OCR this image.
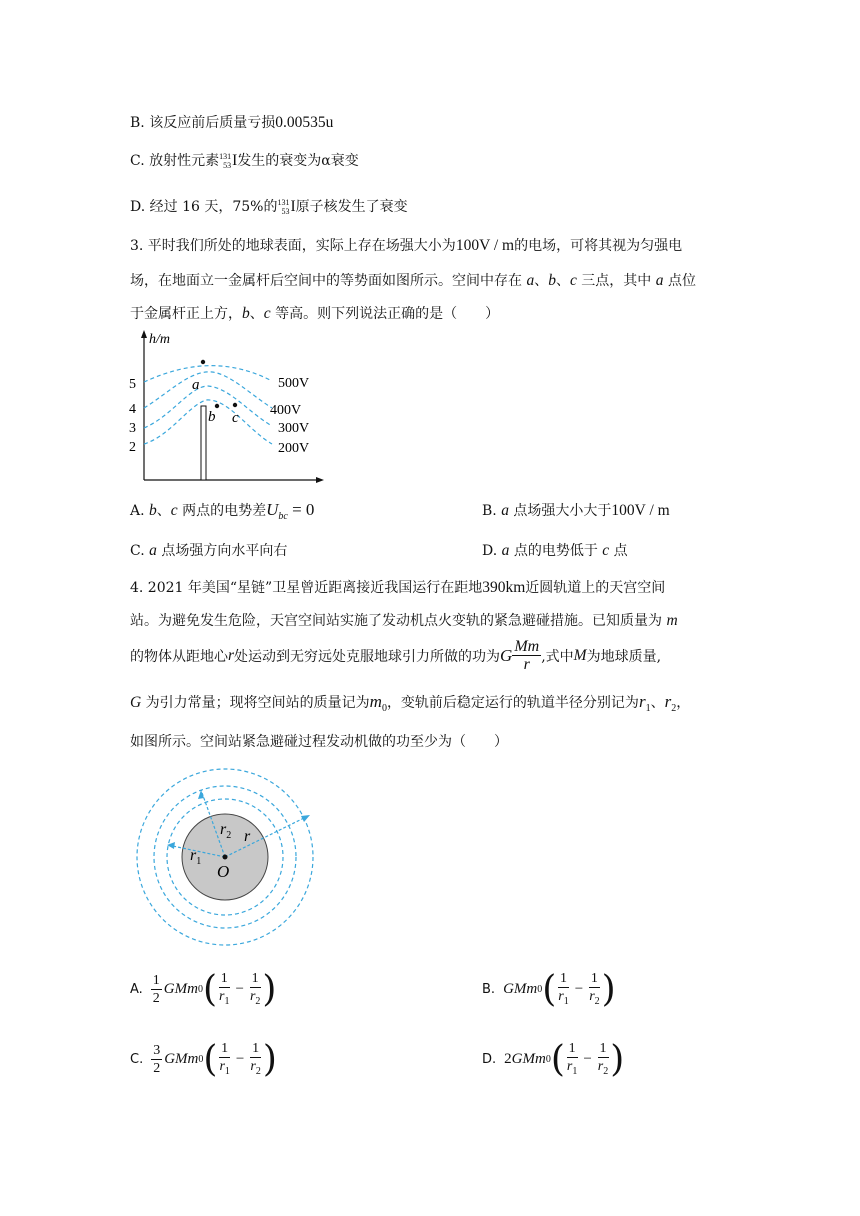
B. 该反应前后质量亏损0.00535u
C. 放射性元素 131
53 I发生的衰变为α衰变
D. 经过 16 天，75%的 131
53 I原子核发生了衰变
3. 平时我们所处的地球表面，实际上存在场强大小为100V / m的电场，可将其视为匀强电
场，在地面立一金属杆后空间中的等势面如图所示。空间中存在 a、b、c 三点，其中 a 点位
于金属杆正上方，b、c 等高。则下列说法正确的是（　　）
h/m
5
4
3
2
500V
400V
300V
200V
a
b c
A. b、c 两点的电势差$U_{bc} = 0$	B. a 点场强大小大于100V / m
C. a 点场强方向水平向右	D. a 点的电势低于 c 点
4. 2021 年美国“星链”卫星曾近距离接近我国运行在距地390km近圆轨道上的天宫空间
站。为避免发生危险，天宫空间站实施了发动机点火变轨的紧急避碰措施。已知质量为 m
的物体从距地心 r 处运动到无穷远处克服地球引力所做的功为 G $\frac{Mm}{r}$ ,式中 M 为地球质量,
G 为引力常量；现将空间站的质量记为$m_0$，变轨前后稳定运行的轨道半径分别记为$r_1$、$r_2$，
如图所示。空间站紧急避碰过程发动机做的功至少为（　　）
$r_2$ r
$r_1$
O
A. $\frac{1}{2}$ GM m 0 ( $\frac{1}{r_1} - \frac{1}{r_2}$ )	B. GM m 0 ( $\frac{1}{r_1} - \frac{1}{r_2}$ )
C. $\frac{3}{2}$ GM m 0 ( $\frac{1}{r_1} - \frac{1}{r_2}$ )	D. 2 GM m 0 ( $\frac{1}{r_1} - \frac{1}{r_2}$ )
